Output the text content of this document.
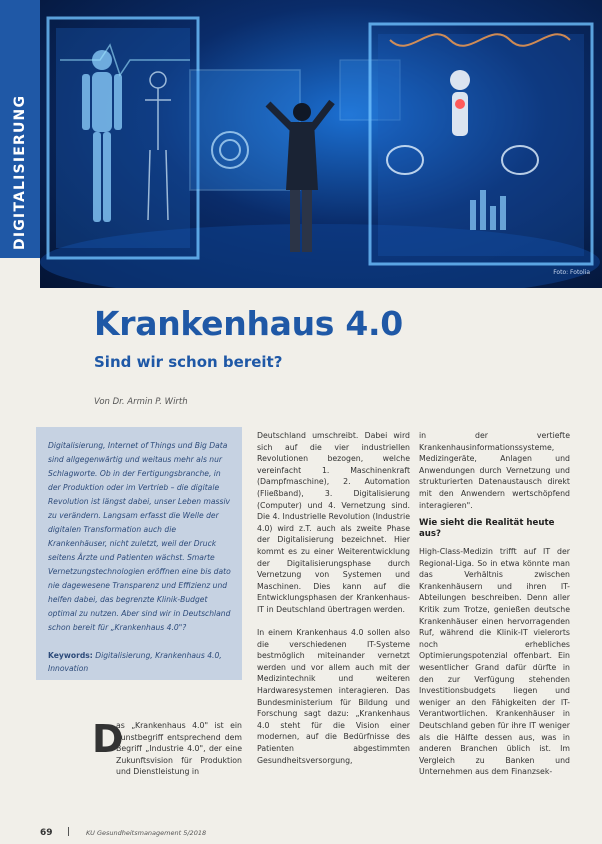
DIGITALISIERUNG
Foto: Fotolia
Krankenhaus 4.0
Sind wir schon bereit?
Von Dr. Armin P. Wirth

Digitalisierung, Internet of Things und Big Data sind allgegenwärtig und weitaus mehr als nur Schlagworte. Ob in der Fertigungsbranche, in der Produktion oder im Vertrieb – die digitale Revolution ist längst dabei, unser Leben massiv zu verändern. Langsam erfasst die Welle der digitalen Transformation auch die Krankenhäuser, nicht zuletzt, weil der Druck seitens Ärzte und Patienten wächst. Smarte Vernetzungstechnologien eröffnen eine bis dato nie dagewesene Transparenz und Effizienz und helfen dabei, das begrenzte Klinik-Budget optimal zu nutzen. Aber sind wir in Deutschland schon bereit für „Krankenhaus 4.0"?

Keywords: Digitalisierung, Krankenhaus 4.0, Innovation

D
as „Krankenhaus 4.0" ist ein Kunstbegriff entsprechend dem Begriff „Industrie 4.0", der eine Zukunftsvision für Produktion und Dienstleistung in
Deutschland umschreibt. Dabei wird sich auf die vier industriellen Revolutionen bezogen, welche vereinfacht 1. Maschinenkraft (Dampfmaschine), 2. Automation (Fließband), 3. Digitalisierung (Computer) und 4. Vernetzung sind. Die 4. Industrielle Revolution (Industrie 4.0) wird z.T. auch als zweite Phase der Digitalisierung bezeichnet. Hier kommt es zu einer Weiterentwicklung der Digitalisierungsphase durch Vernetzung von Systemen und Maschinen. Dies kann auf die Entwicklungsphasen der Krankenhaus-IT in Deutschland übertragen werden.

In einem Krankenhaus 4.0 sollen also die verschiedenen IT-Systeme bestmöglich miteinander vernetzt werden und vor allem auch mit der Medizintechnik und weiteren Hardwaresystemen interagieren. Das Bundesministerium für Bildung und Forschung sagt dazu: „Krankenhaus 4.0 steht für die Vision einer modernen, auf die Bedürfnisse des Patienten abgestimmten Gesundheitsversorgung,
in der vertiefte Krankenhausinformationssysteme, Medizingeräte, Anlagen und Anwendungen durch Vernetzung und strukturierten Datenaustausch direkt mit den Anwendern wertschöpfend interagieren".
Wie sieht die Realität heute aus?
High-Class-Medizin trifft auf IT der Regional-Liga. So in etwa könnte man das Verhältnis zwischen Krankenhäusern und ihren IT-Abteilungen beschreiben. Denn aller Kritik zum Trotze, genießen deutsche Krankenhäuser einen hervorragenden Ruf, während die Klinik-IT vielerorts noch erhebliches Optimierungspotenzial offenbart. Ein wesentlicher Grand dafür dürfte in den zur Verfügung stehenden Investitionsbudgets liegen und weniger an den Fähigkeiten der IT-Verantwortlichen. Krankenhäuser in Deutschland geben für ihre IT weniger als die Hälfte dessen aus, was in anderen Branchen üblich ist. Im Vergleich zu Banken und Unternehmen aus dem Finanzsek-
69	KU Gesundheitsmanagement 5/2018
